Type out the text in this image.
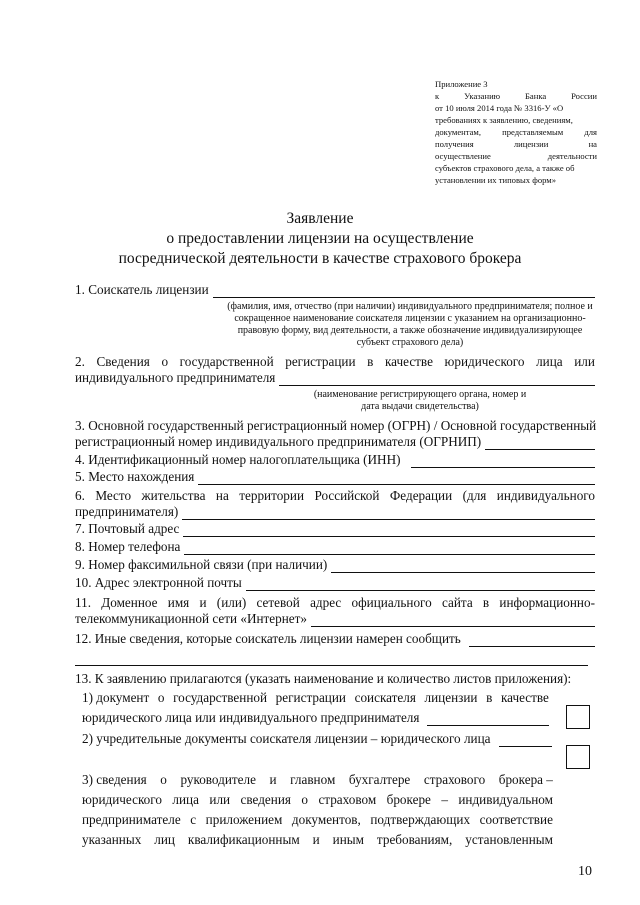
Приложение 3
к	Указанию	Банка	России
от 10 июля 2014 года № 3316-У «О
требованиях к заявлению, сведениям,
документам, представляемым для
получения	лицензии	на
осуществление	деятельности
субъектов страхового дела, а также об
установлении их типовых форм»
Заявление
о предоставлении лицензии на осуществление
посреднической деятельности в качестве страхового брокера
1. Соискатель лицензии
(фамилия, имя, отчество (при наличии) индивидуального предпринимателя; полное и сокращенное наименование соискателя лицензии с указанием на организационно-правовую форму, вид деятельности, а также обозначение индивидуализирующее субъект страхового дела)
2. Сведения о государственной регистрации в качестве юридического лица или
индивидуального предпринимателя
(наименование регистрирующего органа, номер и дата выдачи свидетельства)
3. Основной государственный регистрационный номер (ОГРН) / Основной государственный
регистрационный номер индивидуального предпринимателя (ОГРНИП)
4. Идентификационный номер налогоплательщика (ИНН)
5. Место нахождения
6. Место жительства на территории Российской Федерации (для индивидуального
предпринимателя)
7. Почтовый адрес
8. Номер телефона
9. Номер факсимильной связи (при наличии)
10. Адрес электронной почты
11. Доменное имя и (или) сетевой адрес официального сайта в информационно-
телекоммуникационной сети «Интернет»
12. Иные сведения, которые соискатель лицензии намерен сообщить
13. К заявлению прилагаются (указать наименование и количество листов приложения):
1) документ о государственной регистрации соискателя лицензии в качестве
юридического лица или индивидуального предпринимателя
2) учредительные документы соискателя лицензии – юридического лица
3) сведения о руководителе и главном бухгалтере страхового брокера –
юридического лица или сведения о страховом брокере – индивидуальном
предпринимателе с приложением документов, подтверждающих соответствие
указанных лиц квалификационным и иным требованиям, установленным
10
